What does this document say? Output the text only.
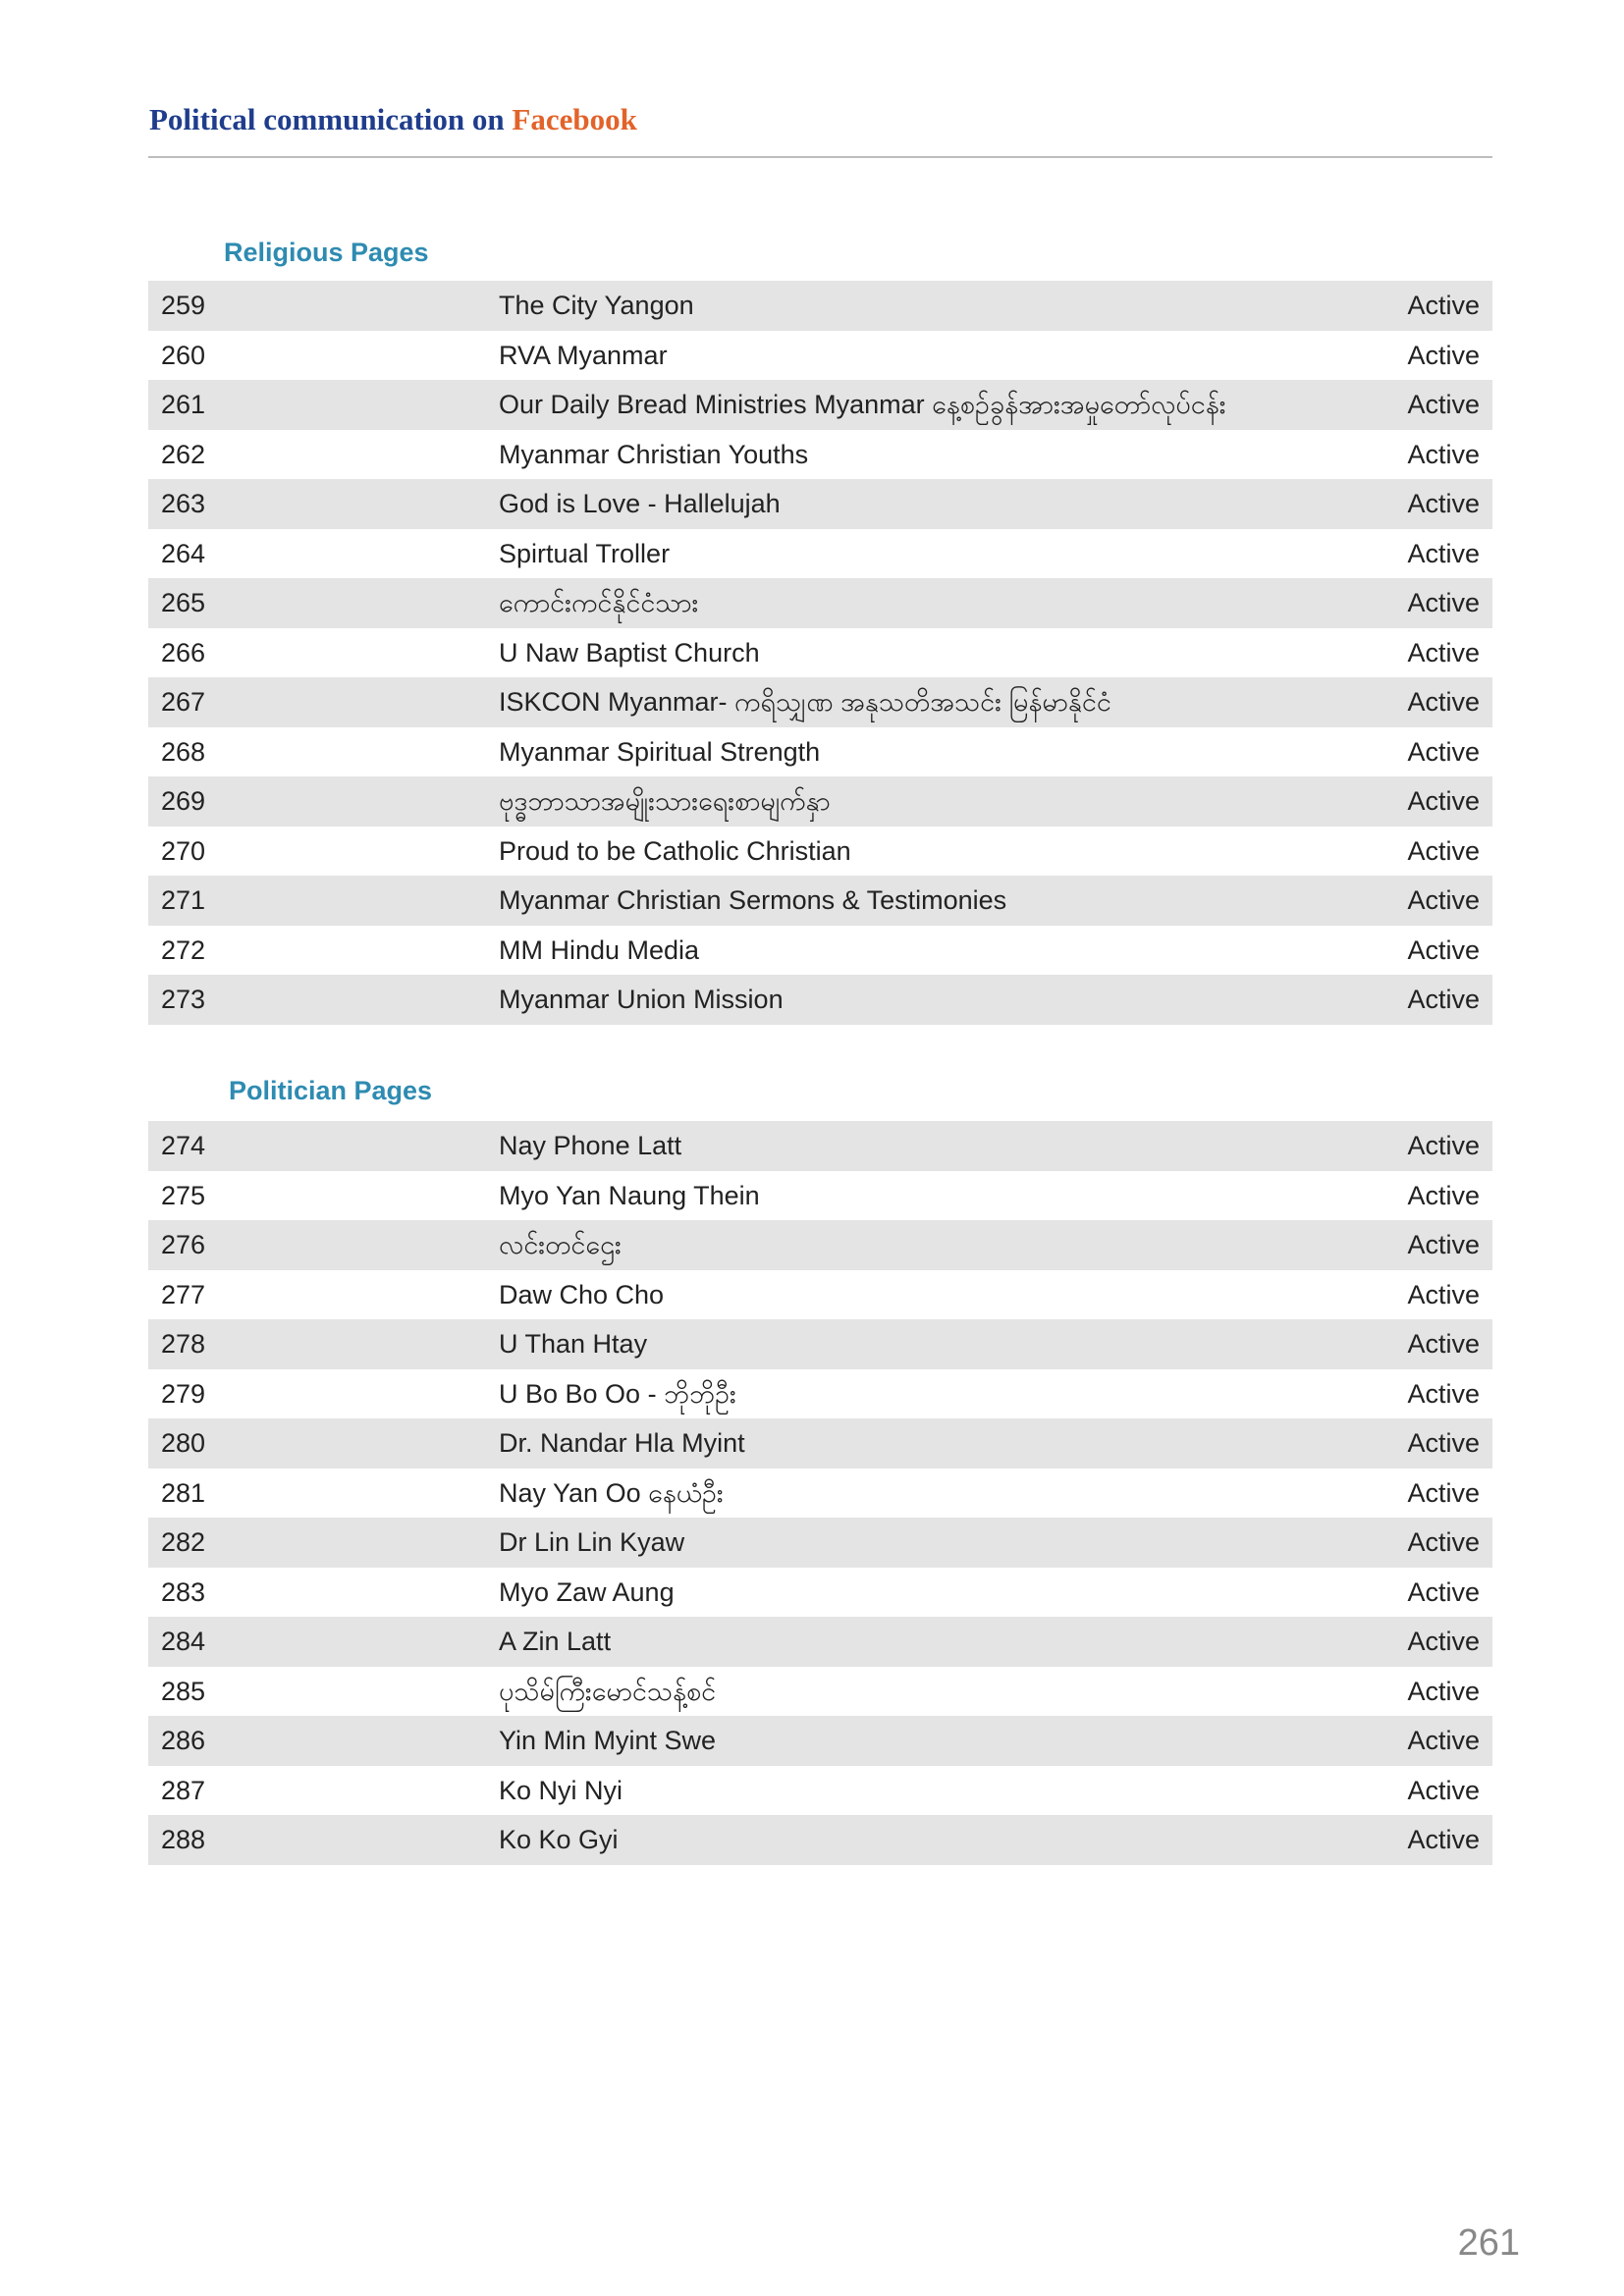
Political communication on Facebook
Religious Pages
259	The City Yangon	Active
260	RVA Myanmar	Active
261	Our Daily Bread Ministries Myanmar နေ့စဉ်ခွန်အားအမှုတော်လုပ်ငန်း	Active
262	Myanmar Christian Youths	Active
263	God is Love - Hallelujah	Active
264	Spirtual Troller	Active
265	ကောင်းကင်နိုင်ငံသား	Active
266	U Naw Baptist Church	Active
267	ISKCON Myanmar- ကရိသျှဏ အနုသတိအသင်း မြန်မာနိုင်ငံ	Active
268	Myanmar Spiritual Strength	Active
269	ဗုဒ္ဓဘာသာအမျိုးသားရေးစာမျက်နှာ	Active
270	Proud to be Catholic Christian	Active
271	Myanmar Christian Sermons & Testimonies	Active
272	MM Hindu Media	Active
273	Myanmar Union Mission	Active
Politician Pages
274	Nay Phone Latt	Active
275	Myo Yan Naung Thein	Active
276	လင်းတင်ဌေး	Active
277	Daw Cho Cho	Active
278	U Than Htay	Active
279	U Bo Bo Oo - ဘိုဘိုဦး	Active
280	Dr. Nandar Hla Myint	Active
281	Nay Yan Oo နေယံဦး	Active
282	Dr Lin Lin Kyaw	Active
283	Myo Zaw Aung	Active
284	A Zin Latt	Active
285	ပုသိမ်ကြီးမောင်သန့်စင်	Active
286	Yin Min Myint Swe	Active
287	Ko Nyi Nyi	Active
288	Ko Ko Gyi	Active
261
